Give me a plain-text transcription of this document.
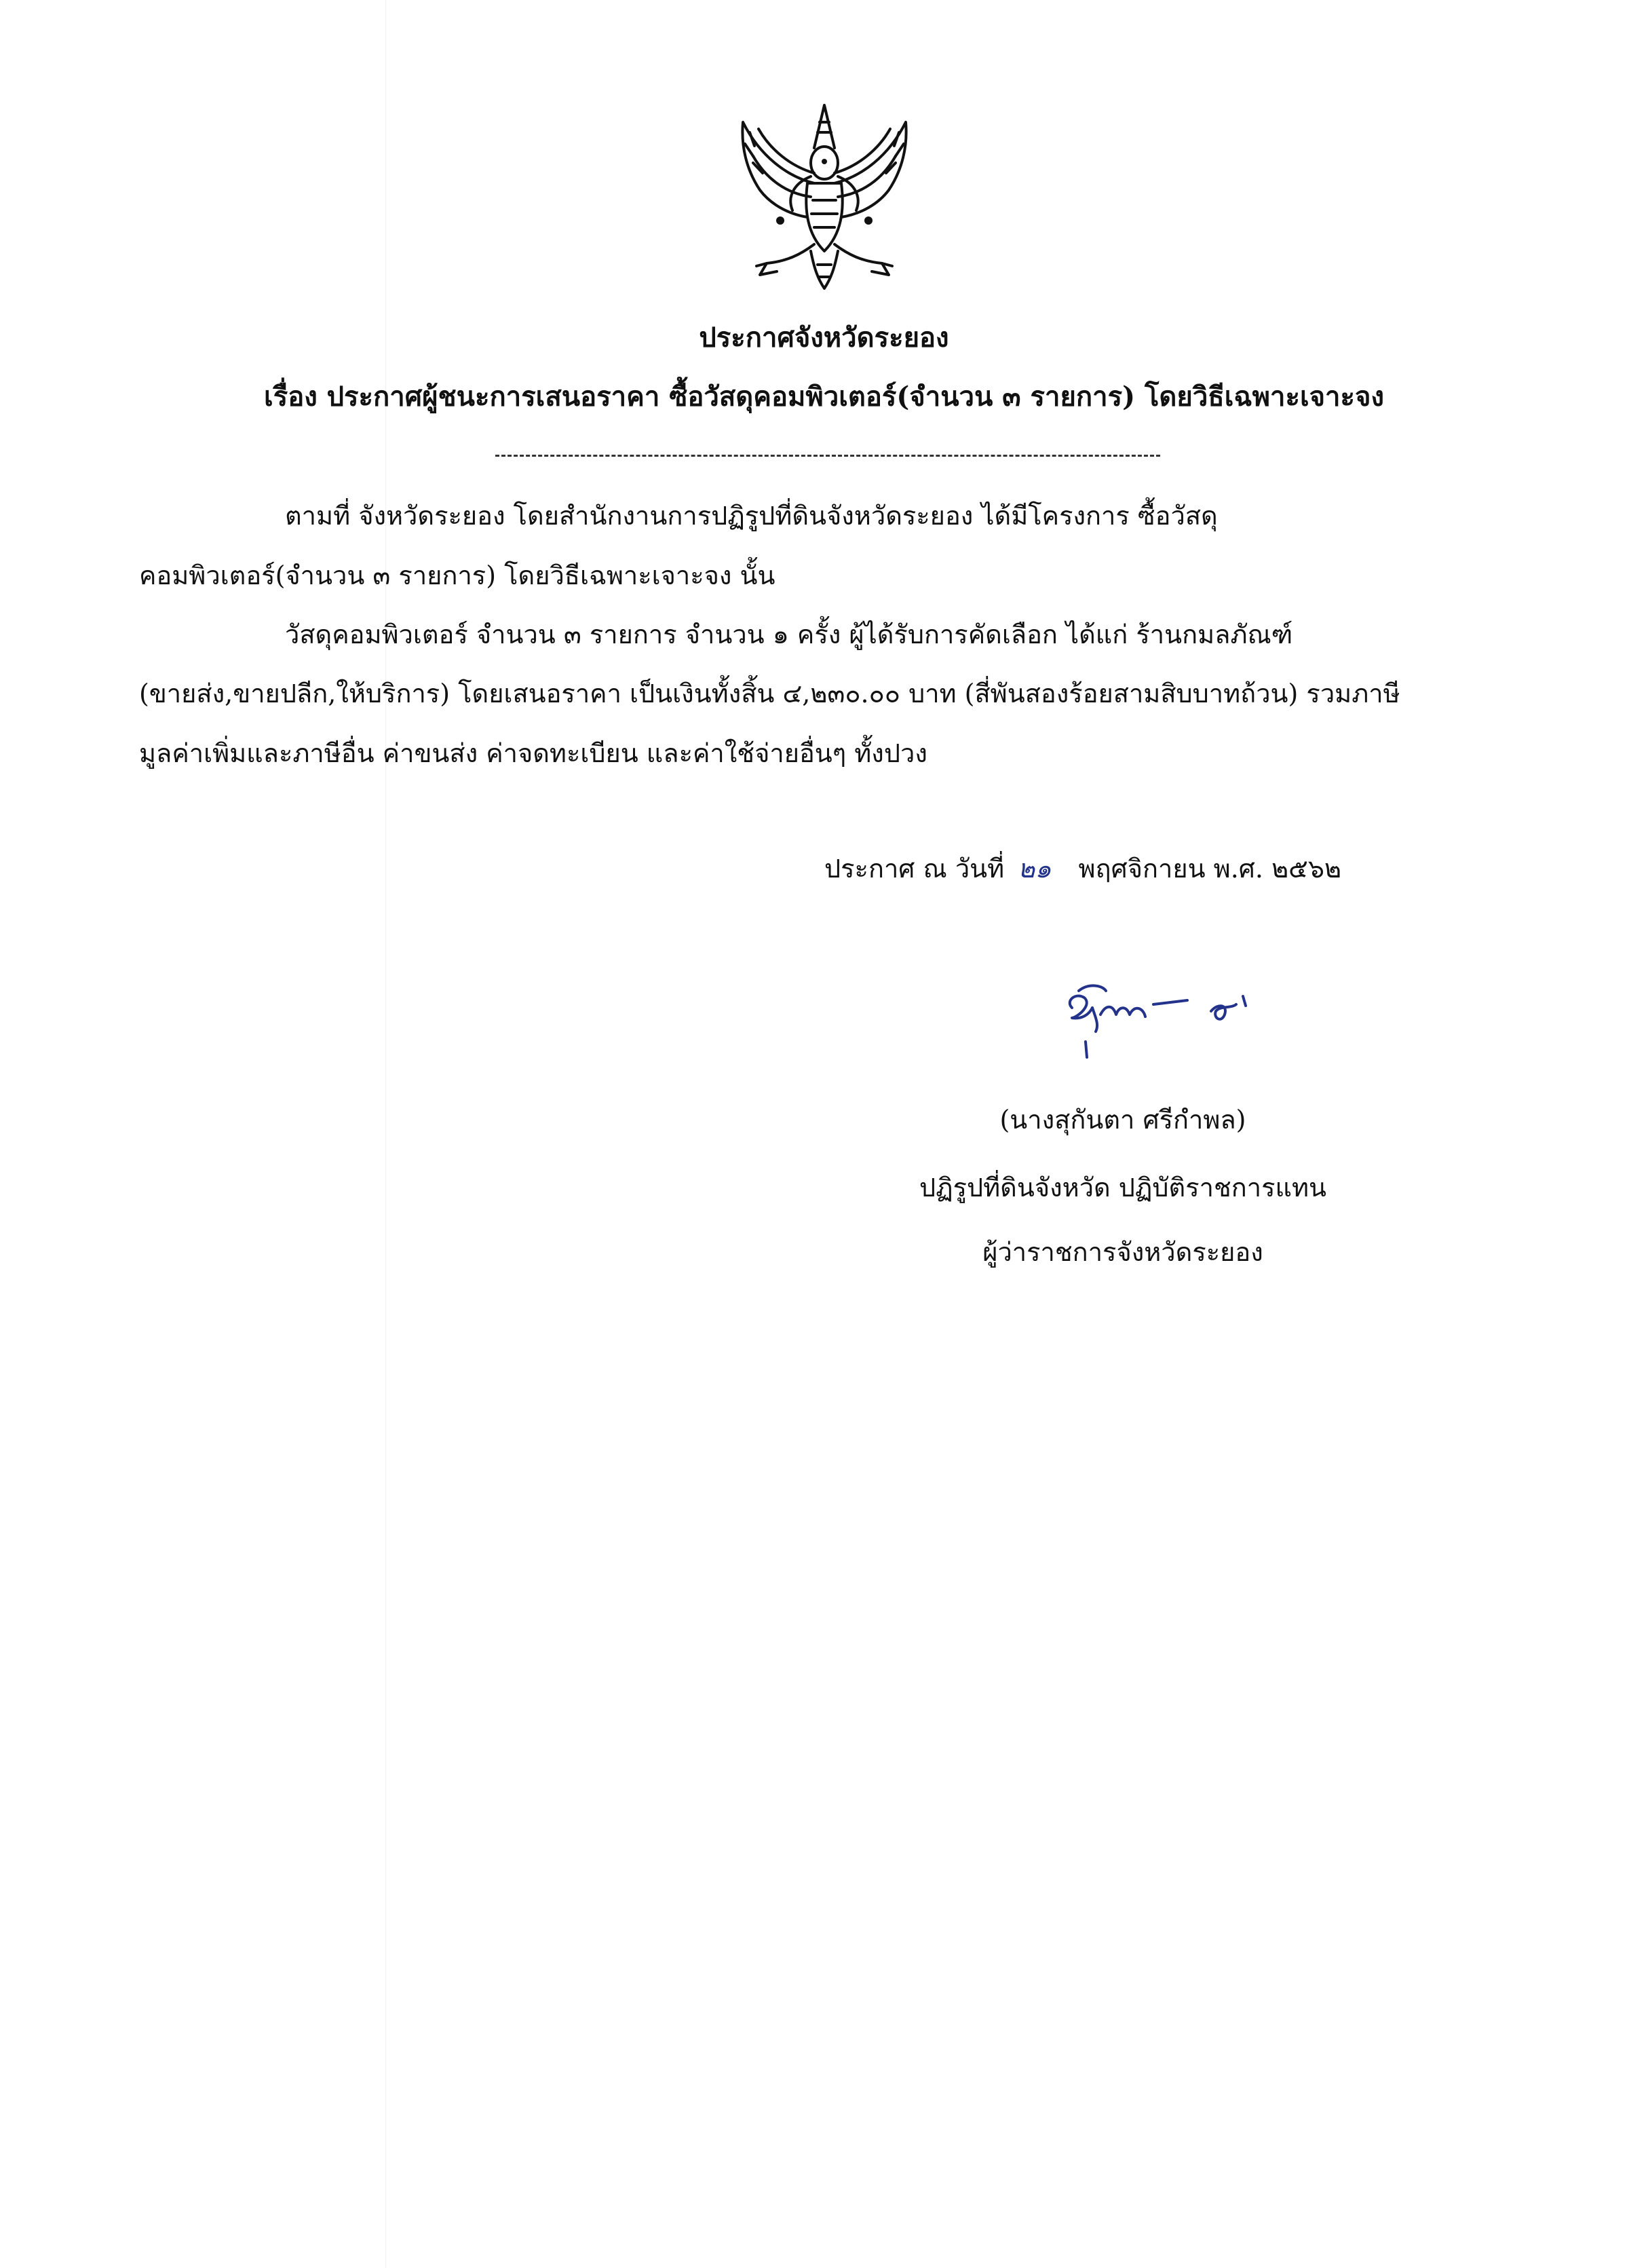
ประกาศจังหวัดระยอง
เรื่อง ประกาศผู้ชนะการเสนอราคา ซื้อวัสดุคอมพิวเตอร์(จำนวน ๓ รายการ) โดยวิธีเฉพาะเจาะจง
ตามที่ จังหวัดระยอง โดยสำนักงานการปฏิรูปที่ดินจังหวัดระยอง ได้มีโครงการ ซื้อวัสดุ
คอมพิวเตอร์(จำนวน ๓ รายการ) โดยวิธีเฉพาะเจาะจง นั้น
วัสดุคอมพิวเตอร์ จำนวน ๓ รายการ จำนวน ๑ ครั้ง ผู้ได้รับการคัดเลือก ได้แก่ ร้านกมลภัณฑ์
(ขายส่ง,ขายปลีก,ให้บริการ) โดยเสนอราคา เป็นเงินทั้งสิ้น ๔,๒๓๐.๐๐ บาท (สี่พันสองร้อยสามสิบบาทถ้วน) รวมภาษี
มูลค่าเพิ่มและภาษีอื่น ค่าขนส่ง ค่าจดทะเบียน และค่าใช้จ่ายอื่นๆ ทั้งปวง
ประกาศ ณ วันที่ ๒๑ พฤศจิกายน พ.ศ. ๒๕๖๒
(นางสุกันตา ศรีกำพล)
ปฏิรูปที่ดินจังหวัด ปฏิบัติราชการแทน
ผู้ว่าราชการจังหวัดระยอง
